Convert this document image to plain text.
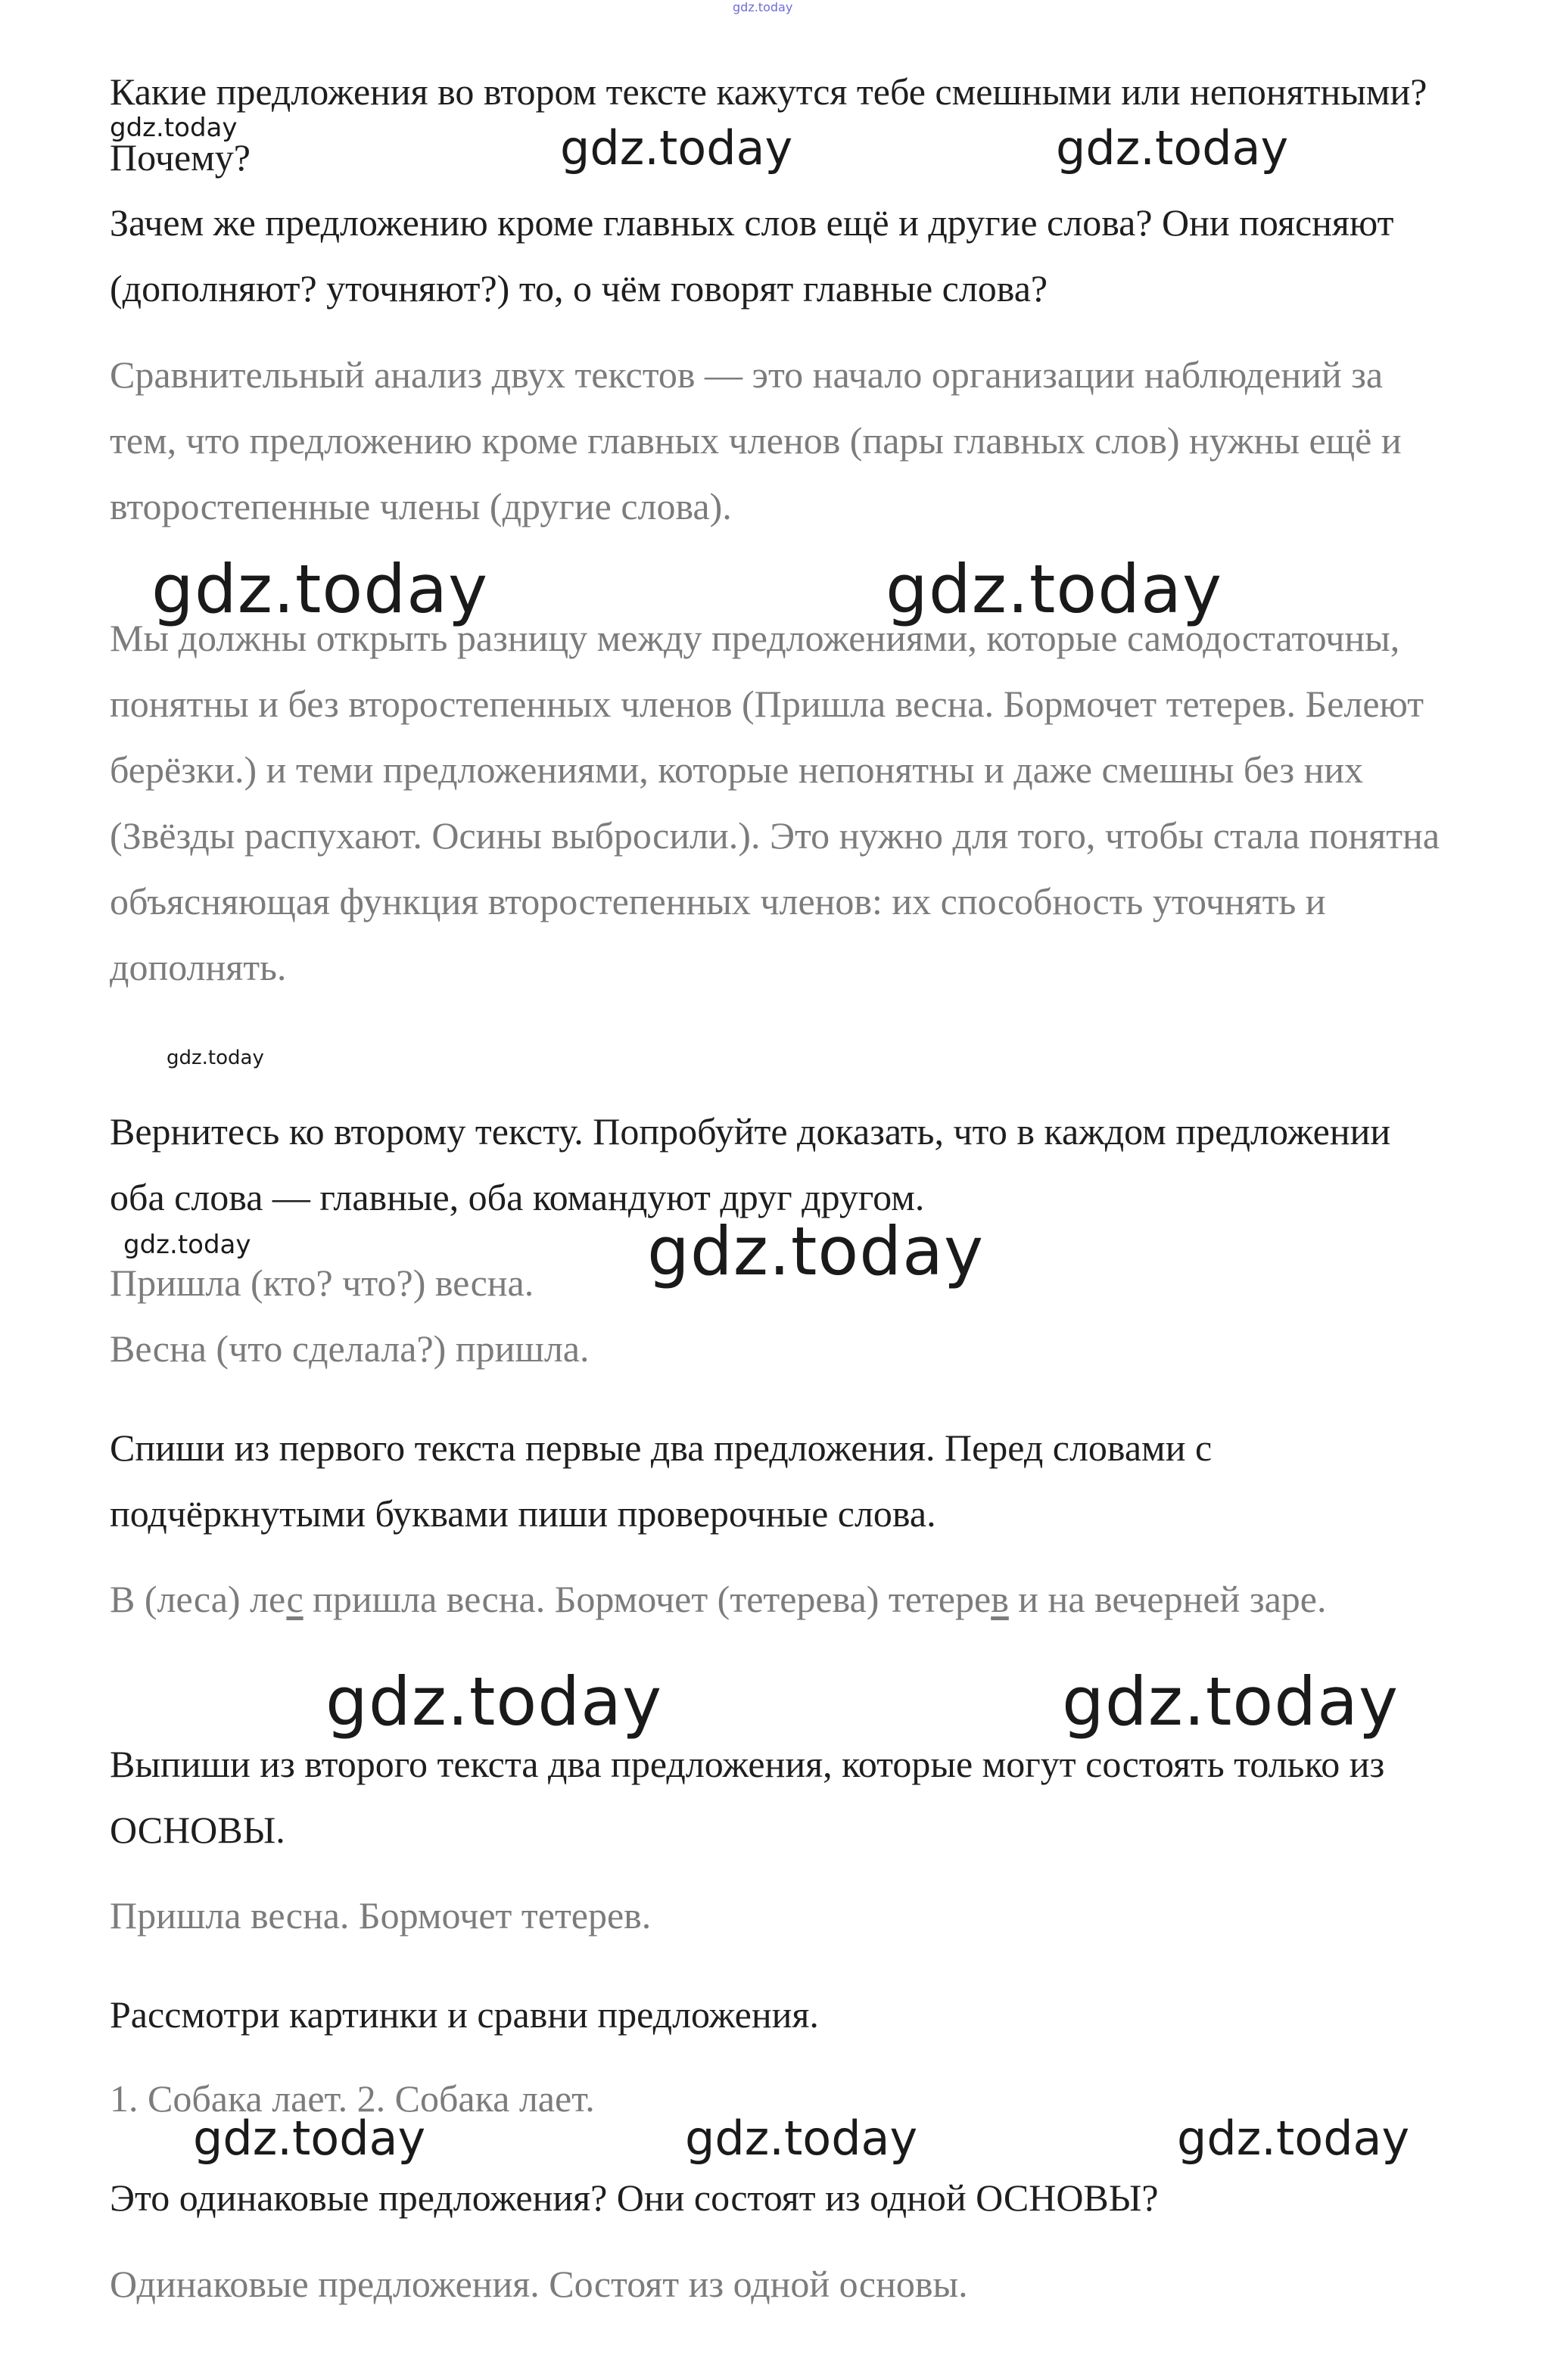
gdz.today

Какие предложения во втором тексте кажутся тебе смешными или непонятными? Почему?

Зачем же предложению кроме главных слов ещё и другие слова? Они поясняют (дополняют? уточняют?) то, о чём говорят главные слова?

Сравнительный анализ двух текстов — это начало организации наблюдений за тем, что предложению кроме главных членов (пары главных слов) нужны ещё и второстепенные члены (другие слова).

Мы должны открыть разницу между предложениями, которые самодостаточны, понятны и без второстепенных членов (Пришла весна. Бормочет тетерев. Белеют берёзки.) и теми предложениями, которые непонятны и даже смешны без них (Звёзды распухают. Осины выбросили.). Это нужно для того, чтобы стала понятна объясняющая функция второстепенных членов: их способность уточнять и дополнять.

Вернитесь ко второму тексту. Попробуйте доказать, что в каждом предложении оба слова — главные, оба командуют друг другом.

Пришла (кто? что?) весна.

Весна (что сделала?) пришла.

Спиши из первого текста первые два предложения. Перед словами с подчёркнутыми буквами пиши проверочные слова.

В (леса) лес пришла весна. Бормочет (тетерева) тетерев и на вечерней заре.

Выпиши из второго текста два предложения, которые могут состоять только из ОСНОВЫ.

Пришла весна. Бормочет тетерев.

Рассмотри картинки и сравни предложения.

1. Собака лает. 2. Собака лает.

Это одинаковые предложения? Они состоят из одной ОСНОВЫ?

Одинаковые предложения. Состоят из одной основы.

gdz.today	gdz.today	gdz.today
gdz.today	gdz.today
gdz.today
gdz.today	gdz.today
gdz.today	gdz.today
gdz.today	gdz.today	gdz.today
